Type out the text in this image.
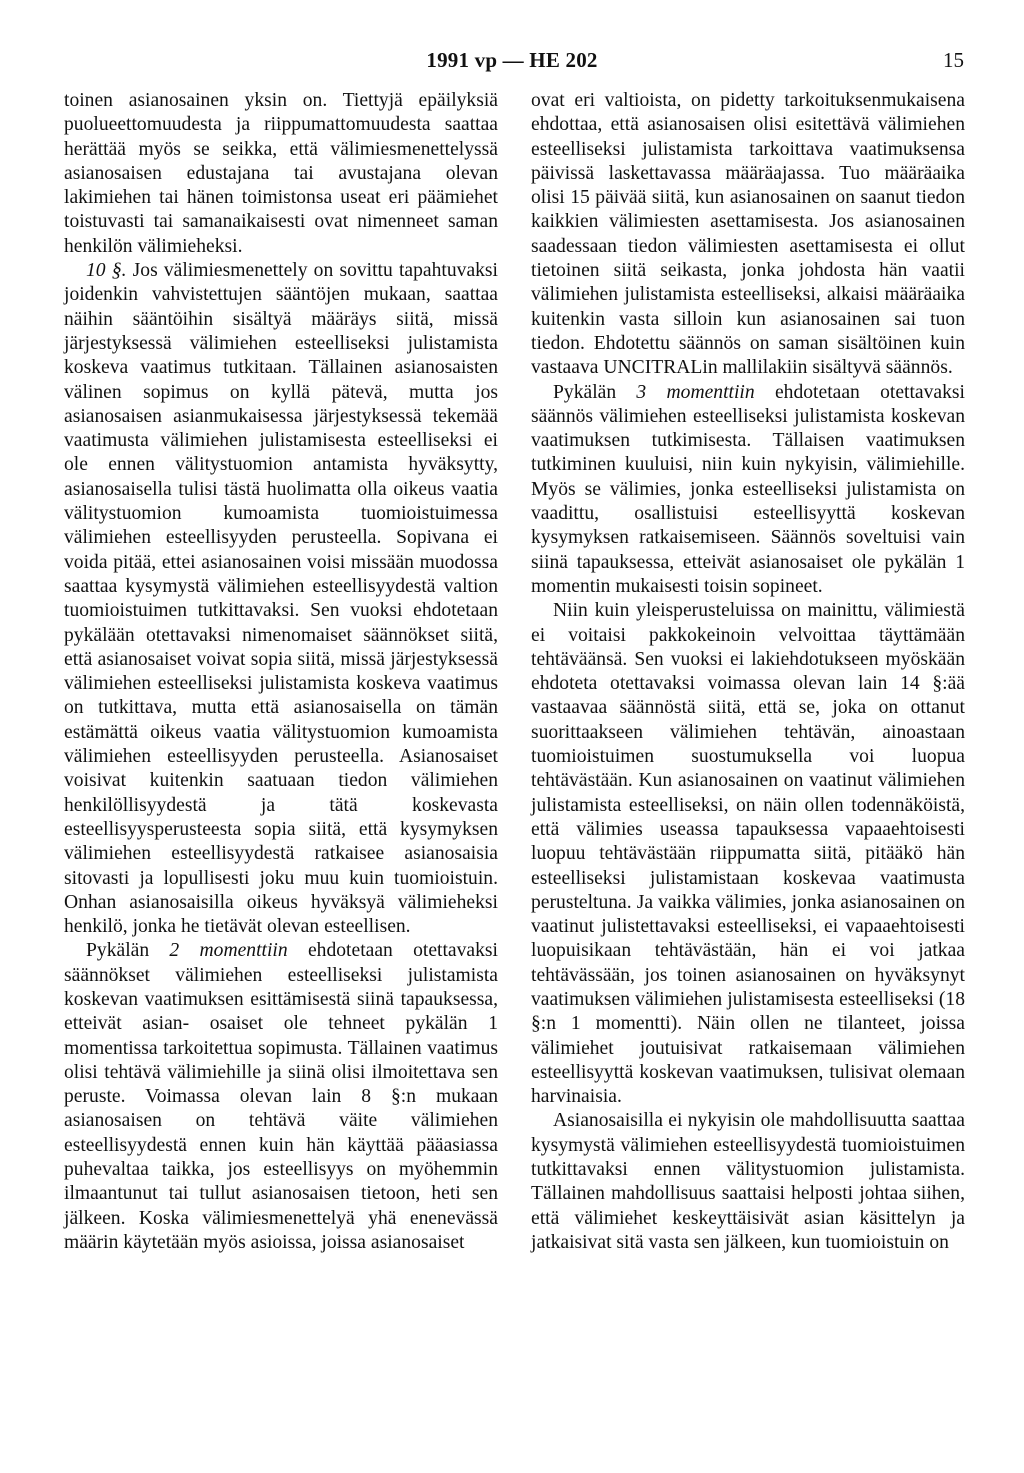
1991 vp — HE 202	15

toinen asianosainen yksin on. Tiettyjä epäilyksiä puolueettomuudesta ja riippumattomuudesta saattaa herättää myös se seikka, että välimiesmenettelyssä asianosaisen edustajana tai avustajana olevan lakimiehen tai hänen toimistonsa useat eri päämiehet toistuvasti tai samanaikaisesti ovat nimenneet saman henkilön välimieheksi.

10 §. Jos välimiesmenettely on sovittu tapahtuvaksi joidenkin vahvistettujen sääntöjen mukaan, saattaa näihin sääntöihin sisältyä määräys siitä, missä järjestyksessä välimiehen esteelliseksi julistamista koskeva vaatimus tutkitaan. Tällainen asianosaisten välinen sopimus on kyllä pätevä, mutta jos asianosaisen asianmukaisessa järjestyksessä tekemää vaatimusta välimiehen julistamisesta esteelliseksi ei ole ennen välitystuomion antamista hyväksytty, asianosaisella tulisi tästä huolimatta olla oikeus vaatia välitystuomion kumoamista tuomioistuimessa välimiehen esteellisyyden perusteella. Sopivana ei voida pitää, ettei asianosainen voisi missään muodossa saattaa kysymystä välimiehen esteellisyydestä valtion tuomioistuimen tutkittavaksi. Sen vuoksi ehdotetaan pykälään otettavaksi nimenomaiset säännökset siitä, että asianosaiset voivat sopia siitä, missä järjestyksessä välimiehen esteelliseksi julistamista koskeva vaatimus on tutkittava, mutta että asianosaisella on tämän estämättä oikeus vaatia välitystuomion kumoamista välimiehen esteellisyyden perusteella. Asianosaiset voisivat kuitenkin saatuaan tiedon välimiehen henkilöllisyydestä ja tätä koskevasta esteellisyysperusteesta sopia siitä, että kysymyksen välimiehen esteellisyydestä ratkaisee asianosaisia sitovasti ja lopullisesti joku muu kuin tuomioistuin. Onhan asianosaisilla oikeus hyväksyä välimieheksi henkilö, jonka he tietävät olevan esteellisen.

Pykälän 2 momenttiin ehdotetaan otettavaksi säännökset välimiehen esteelliseksi julistamista koskevan vaatimuksen esittämisestä siinä tapauksessa, etteivät asian- osaiset ole tehneet pykälän 1 momentissa tarkoitettua sopimusta. Tällainen vaatimus olisi tehtävä välimiehille ja siinä olisi ilmoitettava sen peruste. Voimassa olevan lain 8 §:n mukaan asianosaisen on tehtävä väite välimiehen esteellisyydestä ennen kuin hän käyttää pääasiassa puhevaltaa taikka, jos esteellisyys on myöhemmin ilmaantunut tai tullut asianosaisen tietoon, heti sen jälkeen. Koska välimiesmenettelyä yhä enenevässä määrin käytetään myös asioissa, joissa asianosaiset

ovat eri valtioista, on pidetty tarkoituksenmukaisena ehdottaa, että asianosaisen olisi esitettävä välimiehen esteelliseksi julistamista tarkoittava vaatimuksensa päivissä laskettavassa määräajassa. Tuo määräaika olisi 15 päivää siitä, kun asianosainen on saanut tiedon kaikkien välimiesten asettamisesta. Jos asianosainen saadessaan tiedon välimiesten asettamisesta ei ollut tietoinen siitä seikasta, jonka johdosta hän vaatii välimiehen julistamista esteelliseksi, alkaisi määräaika kuitenkin vasta silloin kun asianosainen sai tuon tiedon. Ehdotettu säännös on saman sisältöinen kuin vastaava UNCITRALin mallilakiin sisältyvä säännös.

Pykälän 3 momenttiin ehdotetaan otettavaksi säännös välimiehen esteelliseksi julistamista koskevan vaatimuksen tutkimisesta. Tällaisen vaatimuksen tutkiminen kuuluisi, niin kuin nykyisin, välimiehille. Myös se välimies, jonka esteelliseksi julistamista on vaadittu, osallistuisi esteellisyyttä koskevan kysymyksen ratkaisemiseen. Säännös soveltuisi vain siinä tapauksessa, etteivät asianosaiset ole pykälän 1 momentin mukaisesti toisin sopineet.

Niin kuin yleisperusteluissa on mainittu, välimiestä ei voitaisi pakkokeinoin velvoittaa täyttämään tehtäväänsä. Sen vuoksi ei lakiehdotukseen myöskään ehdoteta otettavaksi voimassa olevan lain 14 §:ää vastaavaa säännöstä siitä, että se, joka on ottanut suorittaakseen välimiehen tehtävän, ainoastaan tuomioistuimen suostumuksella voi luopua tehtävästään. Kun asianosainen on vaatinut välimiehen julistamista esteelliseksi, on näin ollen todennäköistä, että välimies useassa tapauksessa vapaaehtoisesti luopuu tehtävästään riippumatta siitä, pitääkö hän esteelliseksi julistamistaan koskevaa vaatimusta perusteltuna. Ja vaikka välimies, jonka asianosainen on vaatinut julistettavaksi esteelliseksi, ei vapaaehtoisesti luopuisikaan tehtävästään, hän ei voi jatkaa tehtävässään, jos toinen asianosainen on hyväksynyt vaatimuksen välimiehen julistamisesta esteelliseksi (18 §:n 1 momentti). Näin ollen ne tilanteet, joissa välimiehet joutuisivat ratkaisemaan välimiehen esteellisyyttä koskevan vaatimuksen, tulisivat olemaan harvinaisia.

Asianosaisilla ei nykyisin ole mahdollisuutta saattaa kysymystä välimiehen esteellisyydestä tuomioistuimen tutkittavaksi ennen välitystuomion julistamista. Tällainen mahdollisuus saattaisi helposti johtaa siihen, että välimiehet keskeyttäisivät asian käsittelyn ja jatkaisivat sitä vasta sen jälkeen, kun tuomioistuin on
